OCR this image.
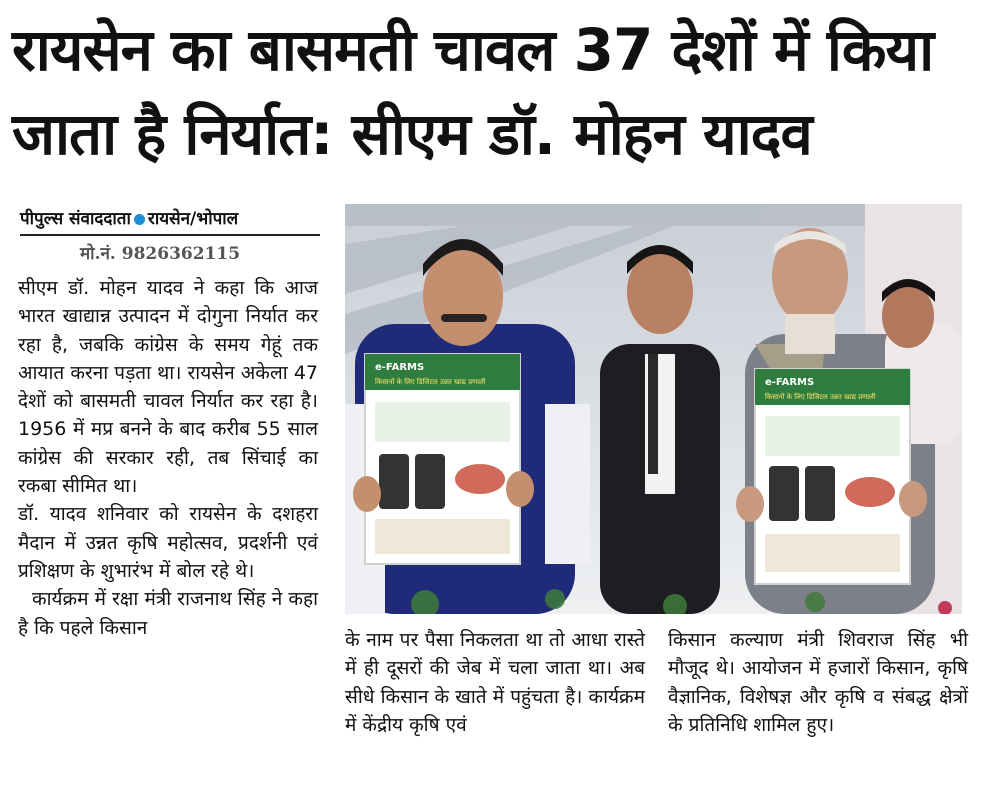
रायसेन का बासमती चावल 37 देशों में किया
जाता है निर्यात: सीएम डॉ. मोहन यादव
पीपुल्स संवाददाता रायसेन/भोपाल
मो.नं. 9826362115

सीएम डॉ. मोहन यादव ने कहा कि आज भारत खाद्यान्न उत्पादन में दोगुना निर्यात कर रहा है, जबकि कांग्रेस के समय गेहूं तक आयात करना पड़ता था। रायसेन अकेला 47 देशों को बासमती चावल निर्यात कर रहा है। 1956 में मप्र बनने के बाद करीब 55 साल कांग्रेस की सरकार रही, तब सिंचाई का रकबा सीमित था।

डॉ. यादव शनिवार को रायसेन के दशहरा मैदान में उन्नत कृषि महोत्सव, प्रदर्शनी एवं प्रशिक्षण के शुभारंभ में बोल रहे थे।

कार्यक्रम में रक्षा मंत्री राजनाथ सिंह ने कहा है कि पहले किसान

e-FARMS
किसानों के लिए डिजिटल उन्नत खाद्य प्रणाली	e-FARMS
किसानों के लिए डिजिटल उन्नत खाद्य प्रणाली
के नाम पर पैसा निकलता था तो आधा रास्ते में ही दूसरों की जेब में चला जाता था। अब सीधे किसान के खाते में पहुंचता है। कार्यक्रम में केंद्रीय कृषि एवं
किसान कल्याण मंत्री शिवराज सिंह भी मौजूद थे। आयोजन में हजारों किसान, कृषि वैज्ञानिक, विशेषज्ञ और कृषि व संबद्ध क्षेत्रों के प्रतिनिधि शामिल हुए।
